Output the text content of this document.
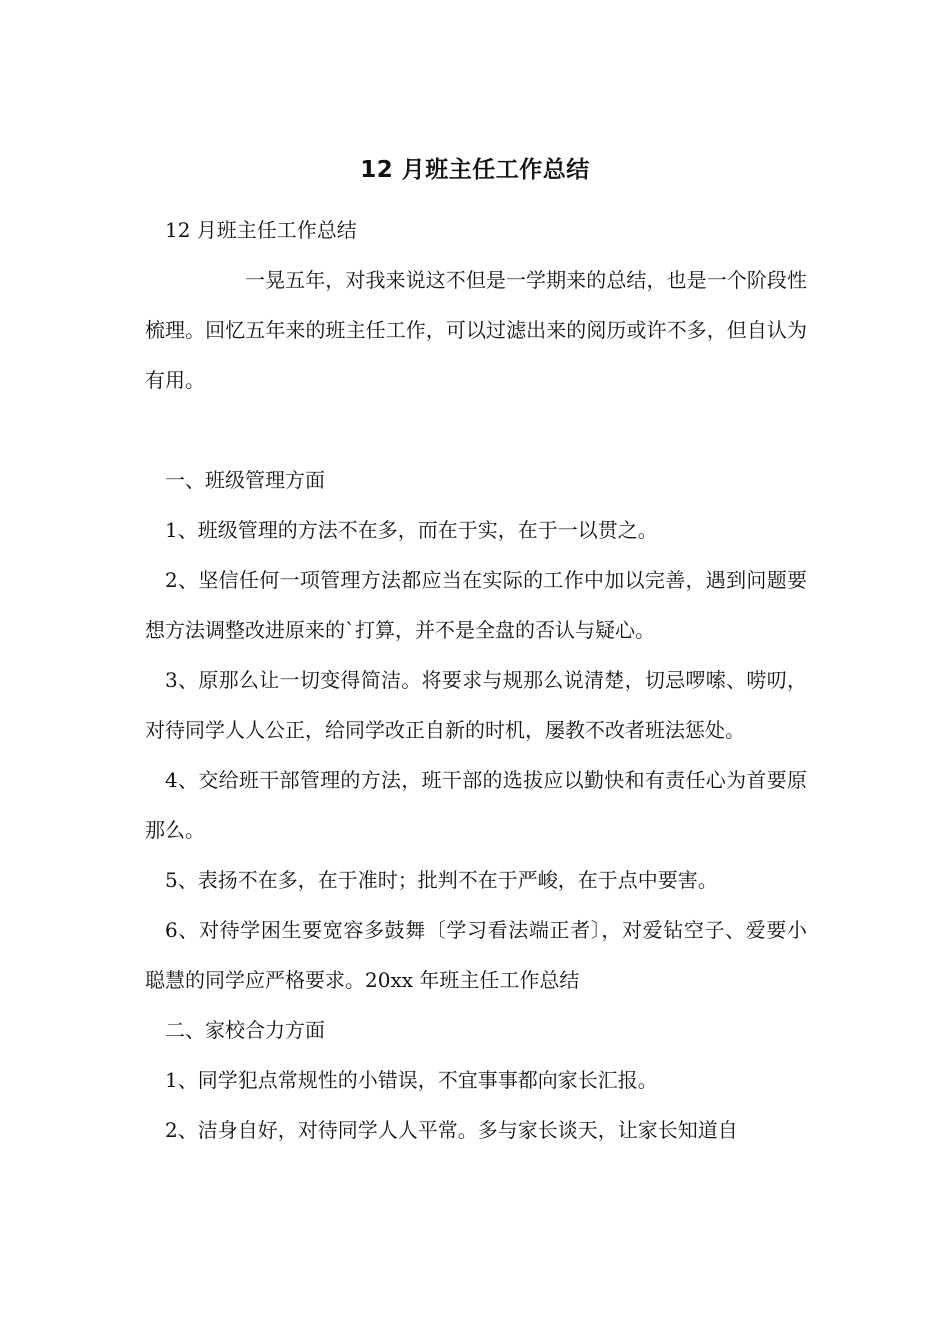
12 月班主任工作总结

12 月班主任工作总结

一晃五年，对我来说这不但是一学期来的总结，也是一个阶段性梳理。回忆五年来的班主任工作，可以过滤出来的阅历或许不多，但自认为有用。

一、班级管理方面

1、班级管理的方法不在多，而在于实，在于一以贯之。

2、坚信任何一项管理方法都应当在实际的工作中加以完善，遇到问题要想方法调整改进原来的`打算，并不是全盘的否认与疑心。

3、原那么让一切变得简洁。将要求与规那么说清楚，切忌啰嗦、唠叨，对待同学人人公正，给同学改正自新的时机，屡教不改者班法惩处。

4、交给班干部管理的方法，班干部的选拔应以勤快和有责任心为首要原那么。

5、表扬不在多，在于准时；批判不在于严峻，在于点中要害。

6、对待学困生要宽容多鼓舞〔学习看法端正者〕，对爱钻空子、爱要小聪慧的同学应严格要求。20xx 年班主任工作总结

二、家校合力方面

1、同学犯点常规性的小错误，不宜事事都向家长汇报。

2、洁身自好，对待同学人人平常。多与家长谈天，让家长知道自
